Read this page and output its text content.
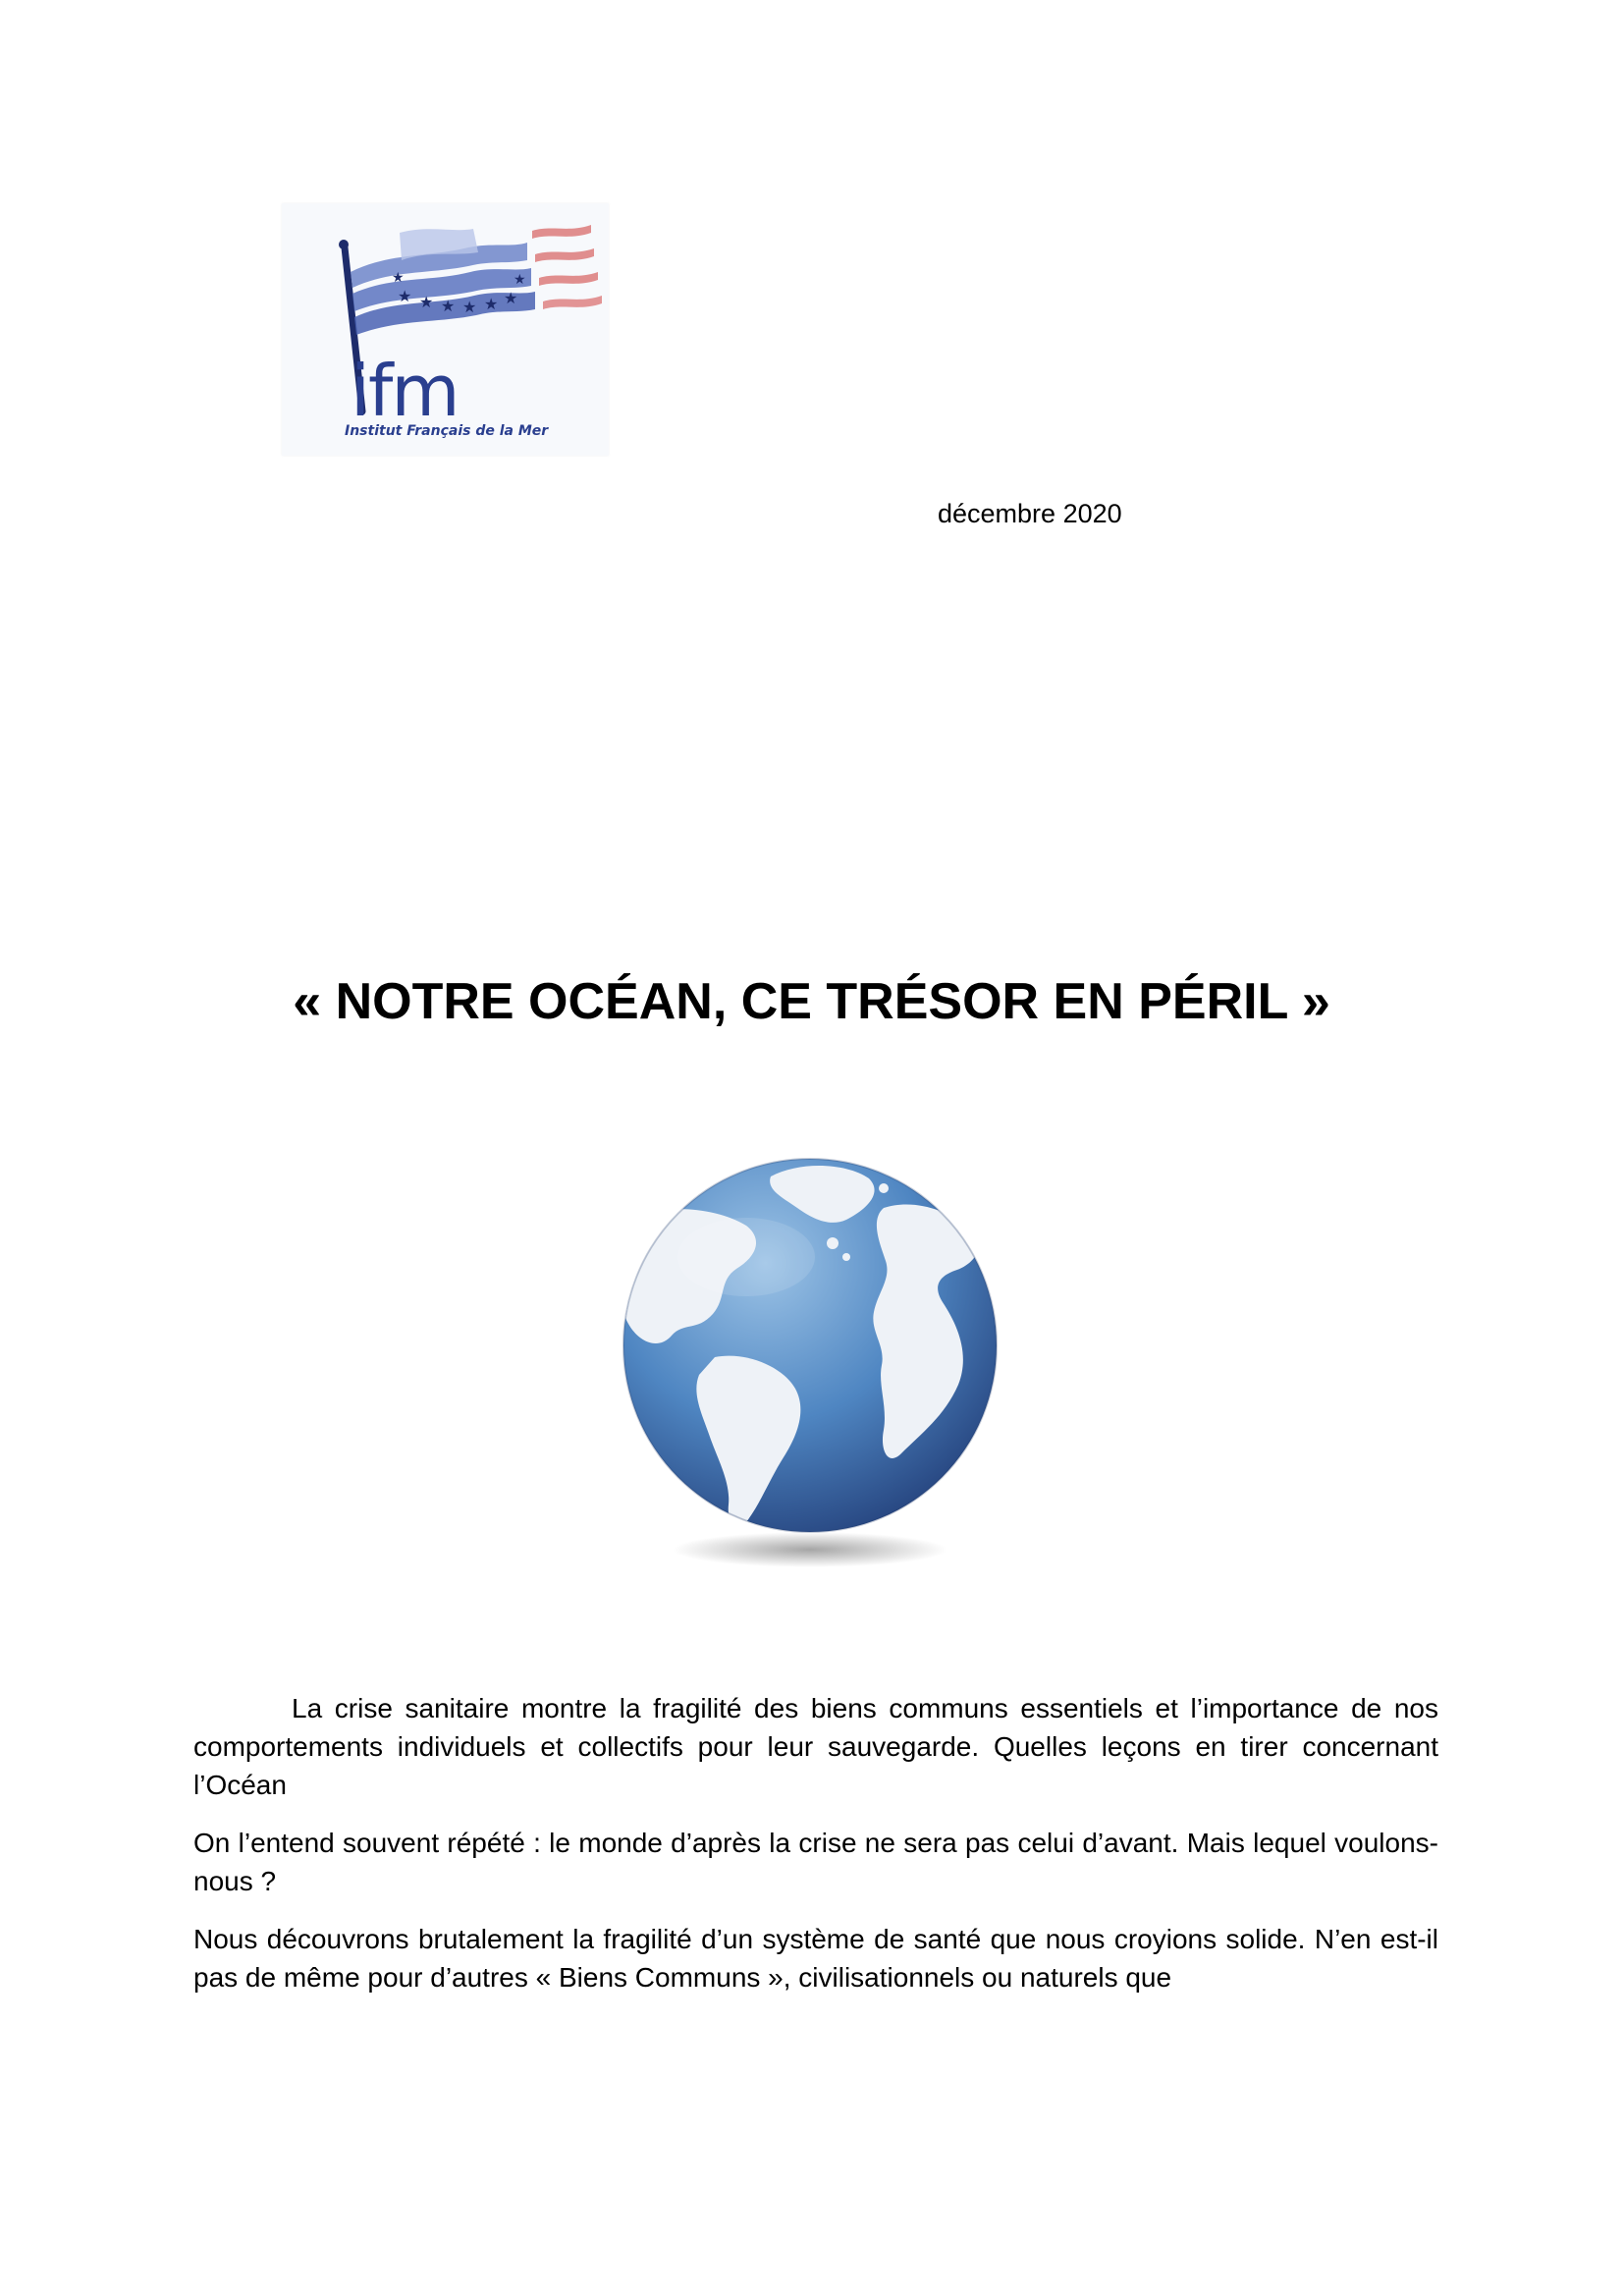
★ ★ ★ ★ ★ ★
★	★
ifm
Institut Français de la Mer
décembre 2020
« NOTRE OCÉAN, CE TRÉSOR EN PÉRIL »

La crise sanitaire montre la fragilité des biens communs essentiels et l’importance de nos comportements individuels et collectifs pour leur sauvegarde. Quelles leçons en tirer concernant l’Océan

On l’entend souvent répété : le monde d’après la crise ne sera pas celui d’avant. Mais lequel voulons-nous ?

Nous découvrons brutalement la fragilité d’un système de santé que nous croyions solide. N’en est-il pas de même pour d’autres « Biens Communs », civilisationnels ou naturels que
